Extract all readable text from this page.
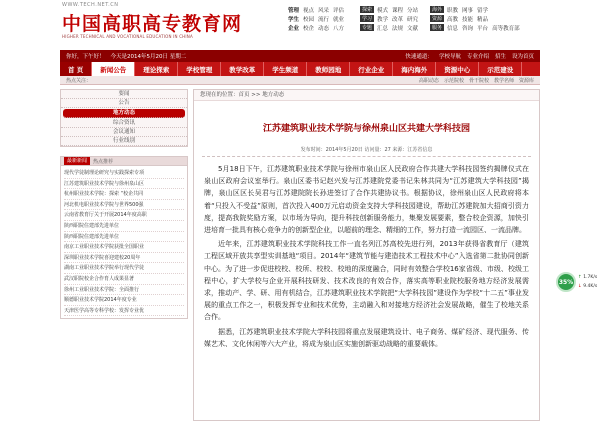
WWW.TECH.NET.CN
中国高职高专教育网
HIGHER TECHNICAL AND VOCATIONAL EDUCATION IN CHINA
管理 视点 风采 评估
学生 校园 流行 就业
企业 校企 动态 八方
探索 模式 课程 分站
学习 教学 改革 研究
专题 汇总 法规 文献
海外 职教 网事 留学
资源 高教 技能 精品
服务 信息 咨询 平台 高等教育部
你好，下午好！ 今天是2014年5月20日 星期二	快速通道： 学校导航 专业介绍 招生 设为首页
首 页	新闻公告	理论探索	学校管理	教学改革	学生频道	教师园地	行业企业	海内海外	资源中心	示范建设
热点关注：	高职动态 示范院校 骨干院校 教学名师 资源库
要闻
公告
地方动态
综合资讯
会议通知
行业线别
最新新闻	热点推荐
现代学徒制理论研究与实践探索专项
江苏建筑职业技术学院与徐州泉山区
杭州职业技术学院：探索 “校企共同
河北机电职业技术学院与世界500强
云南省教育厅关于开展2014年度高职
陕西职院住建部先进单位
陕西职院住建部先进单位
南京工业职业技术学院获批全国职业
深圳职业技术学院喜迎建校20周年
湖南工业职业技术学院举行现代学徒
武汉职院校企合作育人成果显著
徐州工业职业技术学院：全面推行
顺德职业技术学院2014年度专业
天津医学高等专科学校：发挥专业优
您现在的位置：首页 >> 地方动态
江苏建筑职业技术学院与徐州泉山区共建大学科技园
发布时间：2014年5月20日 访问量：27 来源：江苏省信息

5月18日下午，江苏建筑职业技术学院与徐州市泉山区人民政府合作共建大学科技园签约揭牌仪式在泉山区政府会议室举行。泉山区委书记赵兴发与江苏建院党委书记朱林共同为“江苏建筑大学科技园”揭牌，泉山区区长吴君与江苏建院院长孙进签订了合作共建协议书。根据协议，徐州泉山区人民政府将本着“只投入不受益”原则，首次投入400万元启动资金支持大学科技园建设，帮助江苏建院加大招商引资力度，提高我院奖励方案，以市场为导向，提升科技创新服务能力，集聚发展要素，整合校企资源，加快引进培育一批具有核心竞争力的创新型企业，以超前的理念、精细的工作，努力打造一流园区、一流品牌。

近年来，江苏建筑职业技术学院科技工作一直名列江苏高校先进行列，2013年获得省教育厅（建筑工程区域开放共享型实训基地“项目。2014年“建筑节能与建造技术工程技术中心”入选省第二批协同创新中心。为了进一步促进校校、校所、校校、校地的深度融合，同时有效整合学校16家省级、市级、校级工程中心，扩大学校与企业开展科技研发、技术改良的有效合作，落实高等职业院校服务地方经济发展需求，推动产、学、研、用有机结合，江苏建筑职业技术学院把“大学科技园”建设作为学校“十二五”事业发展的重点工作之一，积极发挥专业和技术优势，主动融入和对接地方经济社会发展战略，催生了校地关系合作。

据悉，江苏建筑职业技术学院大学科技园将重点发展建筑设计、电子商务、煤矿经济、现代服务、传媒艺术、文化休闲等六大产业，将成为泉山区实施创新驱动战略的重要载体。

35%
↑ 1.7K/s
↓ 9.4K/s
